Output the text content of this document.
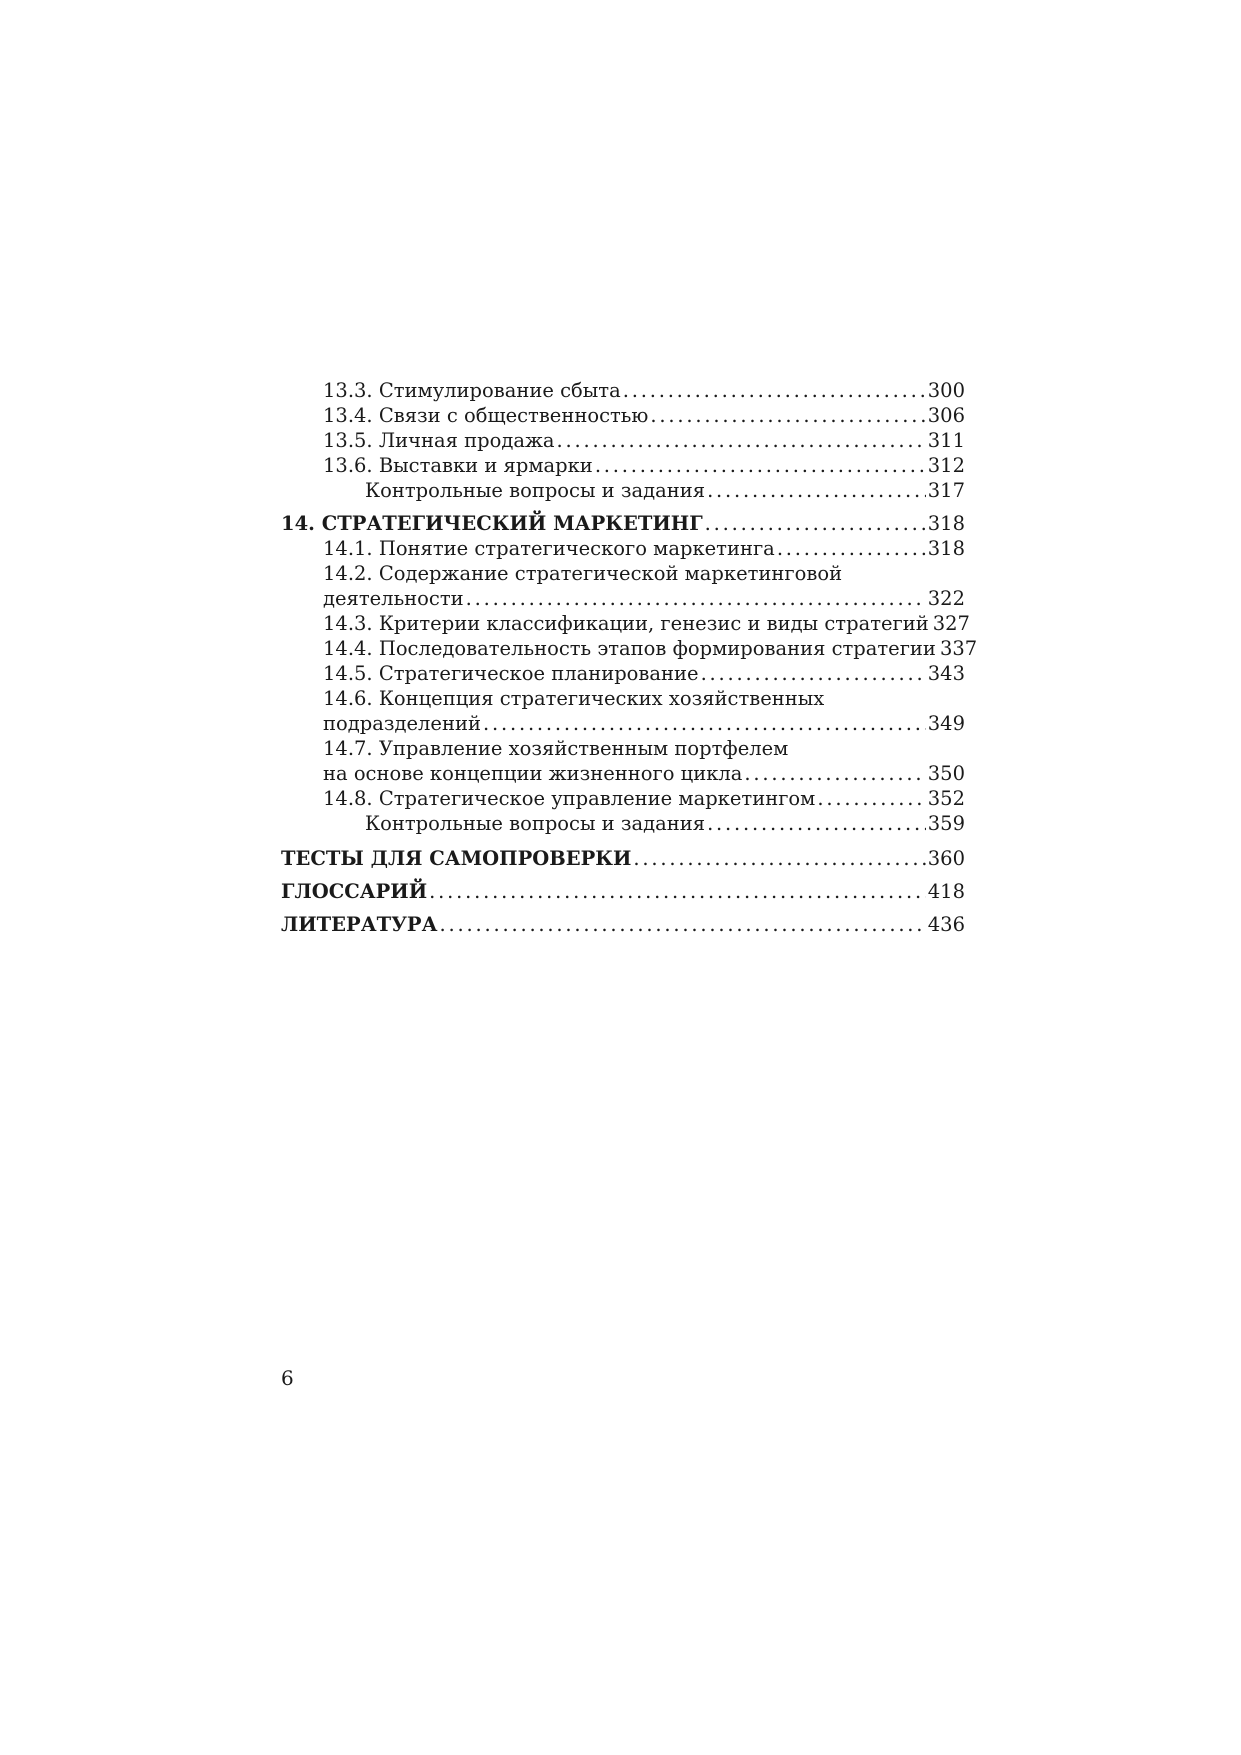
13.3. Стимулирование сбыта . . .	300
13.4. Связи с общественностью . . .	306
13.5. Личная продажа . . .	311
13.6. Выставки и ярмарки . . .	312
Контрольные вопросы и задания . . .	317
14. СТРАТЕГИЧЕСКИЙ МАРКЕТИНГ . . .	318
14.1. Понятие стратегического маркетинга . . .	318
14.2. Содержание стратегической маркетинговой
деятельности . . .	322
14.3. Критерии классификации, генезис и виды стратегий 327
14.4. Последовательность этапов формирования стратегии 337
14.5. Стратегическое планирование . . .	343
14.6. Концепция стратегических хозяйственных
подразделений . . .	349
14.7. Управление хозяйственным портфелем
на основе концепции жизненного цикла . . .	350
14.8. Стратегическое управление маркетингом . . .	352
Контрольные вопросы и задания . . .	359
ТЕСТЫ ДЛЯ САМОПРОВЕРКИ . . .	360
ГЛОССАРИЙ . . .	418
ЛИТЕРАТУРА . . .	436
6
